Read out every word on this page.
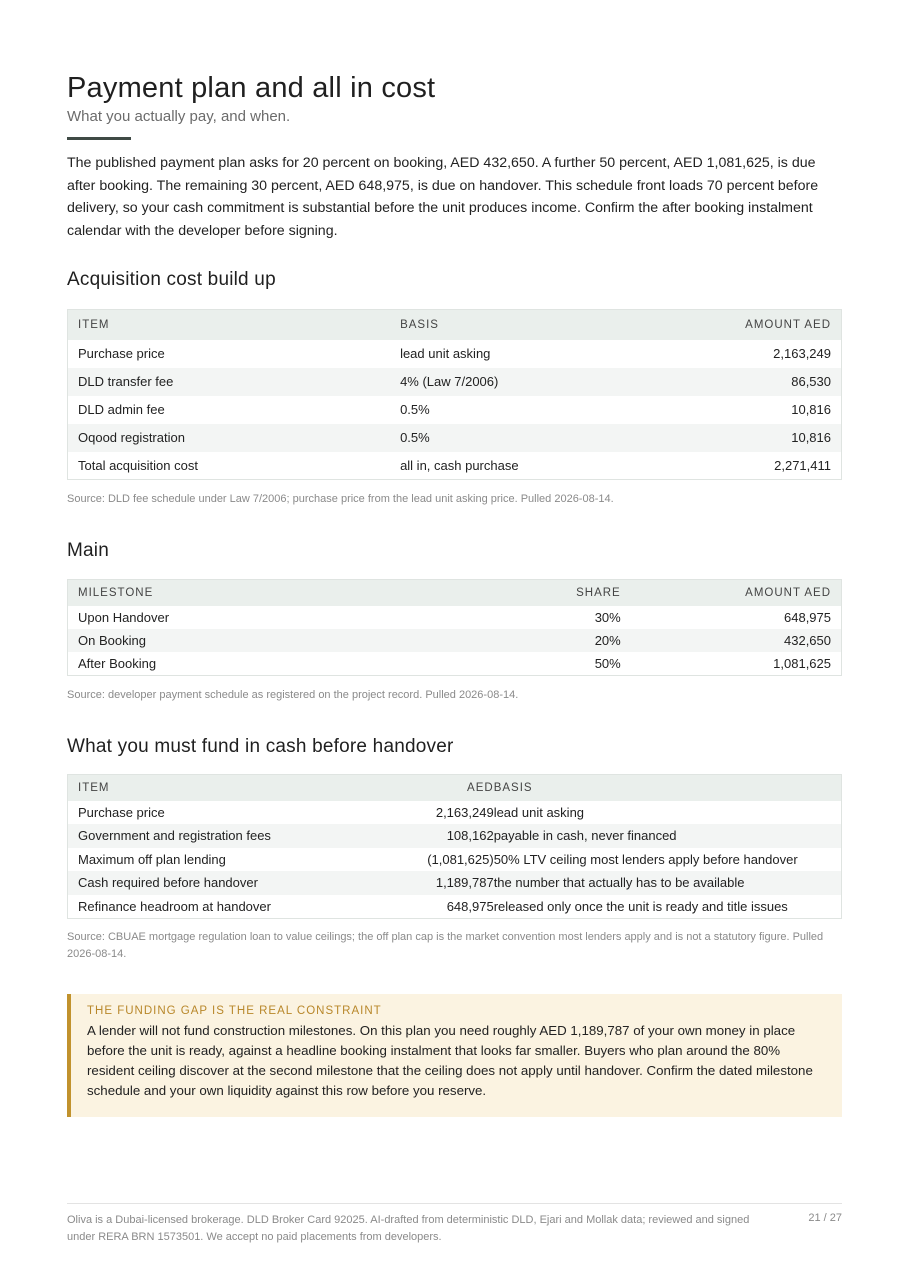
Payment plan and all in cost
What you actually pay, and when.

The published payment plan asks for 20 percent on booking, AED 432,650. A further 50 percent, AED 1,081,625, is due after booking. The remaining 30 percent, AED 648,975, is due on handover. This schedule front loads 70 percent before delivery, so your cash commitment is substantial before the unit produces income. Confirm the after booking instalment calendar with the developer before signing.

Acquisition cost build up
ITEM	BASIS	AMOUNT AED
Purchase price	lead unit asking	2,163,249
DLD transfer fee	4% (Law 7/2006)	86,530
DLD admin fee	0.5%	10,816
Oqood registration	0.5%	10,816
Total acquisition cost	all in, cash purchase	2,271,411

Source: DLD fee schedule under Law 7/2006; purchase price from the lead unit asking price. Pulled 2026-08-14.

Main
MILESTONE	SHARE	AMOUNT AED
Upon Handover	30%	648,975
On Booking	20%	432,650
After Booking	50%	1,081,625

Source: developer payment schedule as registered on the project record. Pulled 2026-08-14.

What you must fund in cash before handover
ITEM	AED	BASIS
Purchase price	2,163,249	lead unit asking
Government and registration fees	108,162	payable in cash, never financed
Maximum off plan lending	(1,081,625)	50% LTV ceiling most lenders apply before handover
Cash required before handover	1,189,787	the number that actually has to be available
Refinance headroom at handover	648,975	released only once the unit is ready and title issues

Source: CBUAE mortgage regulation loan to value ceilings; the off plan cap is the market convention most lenders apply and is not a statutory figure. Pulled 2026-08-14.

THE FUNDING GAP IS THE REAL CONSTRAINT

A lender will not fund construction milestones. On this plan you need roughly AED 1,189,787 of your own money in place before the unit is ready, against a headline booking instalment that looks far smaller. Buyers who plan around the 80% resident ceiling discover at the second milestone that the ceiling does not apply until handover. Confirm the dated milestone schedule and your own liquidity against this row before you reserve.

Oliva is a Dubai-licensed brokerage. DLD Broker Card 92025. AI-drafted from deterministic DLD, Ejari and Mollak data; reviewed and signed under RERA BRN 1573501. We accept no paid placements from developers.

21 / 27
